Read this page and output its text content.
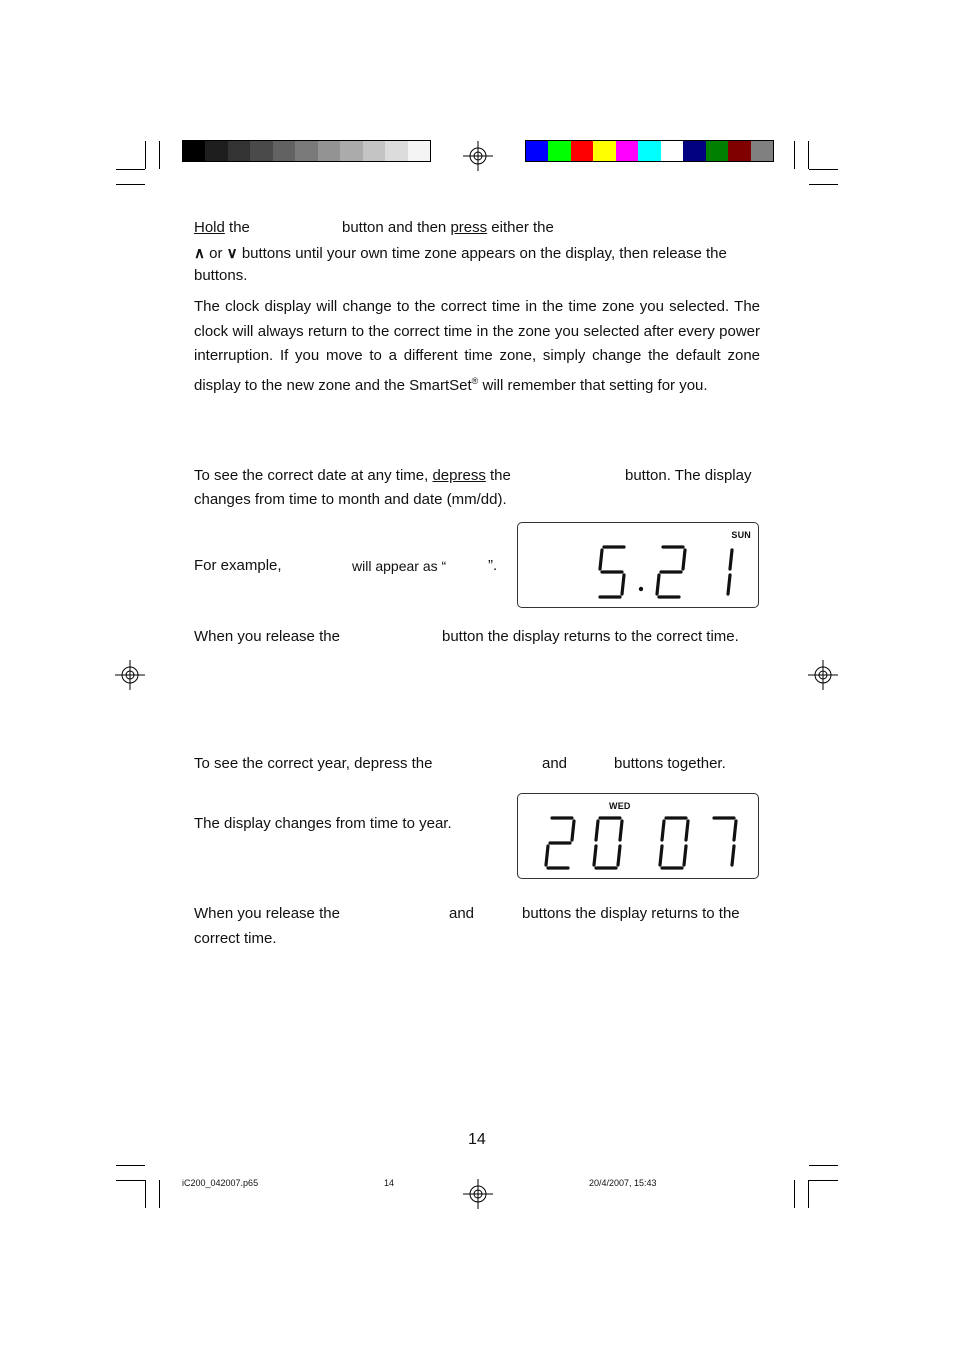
Hold the	button and then press either the
∧ or ∨ buttons until your own time zone appears on the display, then release the
buttons.
The clock display will change to the correct time in the time zone you selected. The clock will always return to the correct time in the zone you selected after every power interruption. If you move to a different time zone, simply change the default zone display to the new zone and the SmartSet® will remember that setting for you.
To see the correct date at any time, depress the	button. The display
changes from time to month and date (mm/dd).
For example,	will appear as “	”.
SUN
When you release the	button the display returns to the correct time.
To see the correct year, depress the	and	buttons together.
The display changes from time to year.
WED
When you release the	and	buttons the display returns to the
correct time.
14
iC200_042007.p65	14	20/4/2007, 15:43
